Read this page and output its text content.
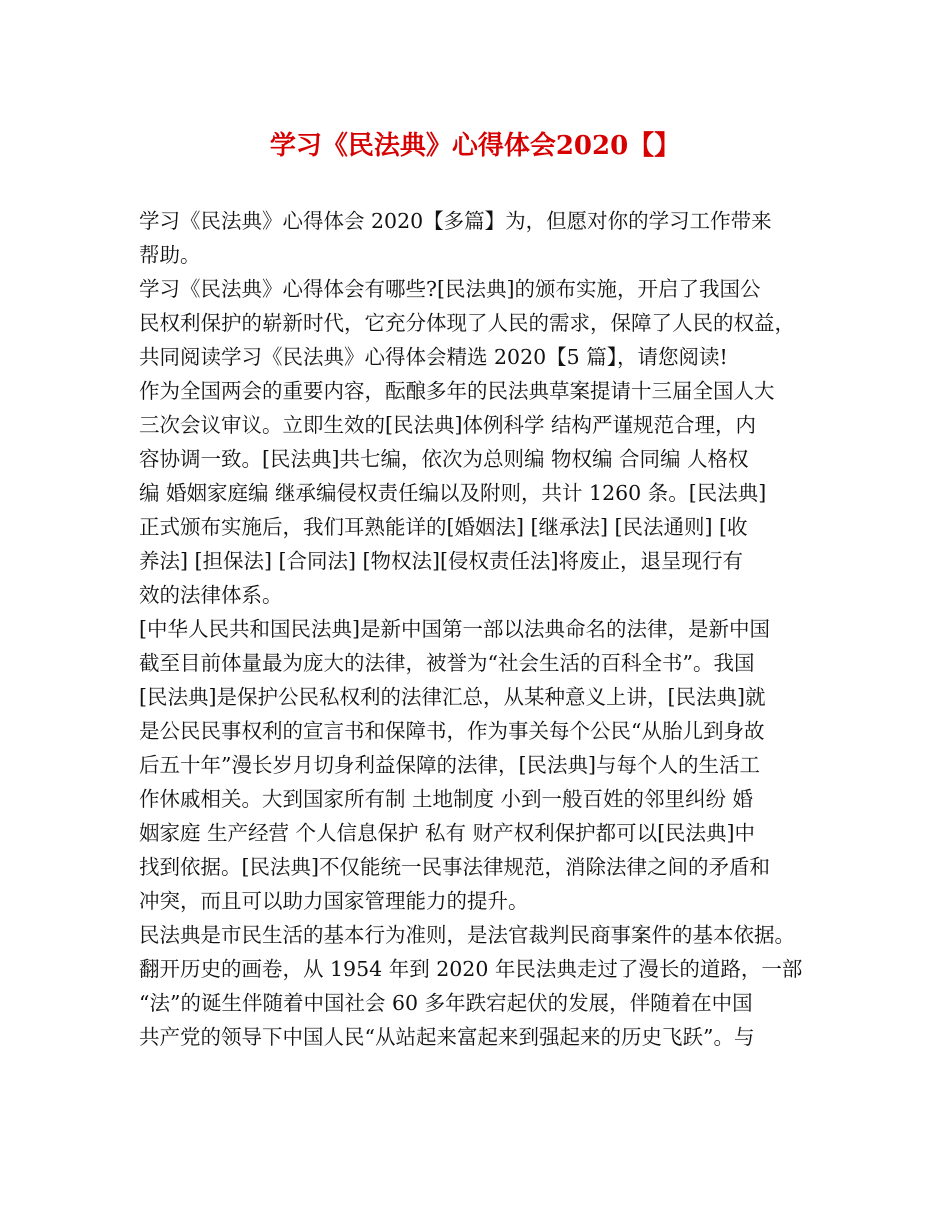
学习《民法典》心得体会2020【】
学习《民法典》心得体会 2020【多篇】为，但愿对你的学习工作带来
帮助。
学习《民法典》心得体会有哪些?[民法典]的颁布实施，开启了我国公
民权利保护的崭新时代，它充分体现了人民的需求，保障了人民的权益，
共同阅读学习《民法典》心得体会精选 2020【5 篇】，请您阅读!
作为全国两会的重要内容，酝酿多年的民法典草案提请十三届全国人大
三次会议审议。立即生效的[民法典]体例科学 结构严谨规范合理，内
容协调一致。[民法典]共七编，依次为总则编 物权编 合同编 人格权
编 婚姻家庭编 继承编侵权责任编以及附则，共计 1260 条。[民法典]
正式颁布实施后，我们耳熟能详的[婚姻法] [继承法] [民法通则] [收
养法] [担保法] [合同法] [物权法][侵权责任法]将废止，退呈现行有
效的法律体系。
[中华人民共和国民法典]是新中国第一部以法典命名的法律，是新中国
截至目前体量最为庞大的法律，被誉为“社会生活的百科全书”。我国
[民法典]是保护公民私权利的法律汇总，从某种意义上讲，[民法典]就
是公民民事权利的宣言书和保障书，作为事关每个公民“从胎儿到身故
后五十年”漫长岁月切身利益保障的法律，[民法典]与每个人的生活工
作休戚相关。大到国家所有制 土地制度 小到一般百姓的邻里纠纷 婚
姻家庭 生产经营 个人信息保护 私有 财产权利保护都可以[民法典]中
找到依据。[民法典]不仅能统一民事法律规范，消除法律之间的矛盾和
冲突，而且可以助力国家管理能力的提升。
民法典是市民生活的基本行为准则，是法官裁判民商事案件的基本依据。
翻开历史的画卷，从 1954 年到 2020 年民法典走过了漫长的道路，一部
“法”的诞生伴随着中国社会 60 多年跌宕起伏的发展，伴随着在中国
共产党的领导下中国人民“从站起来富起来到强起来的历史飞跃”。与
